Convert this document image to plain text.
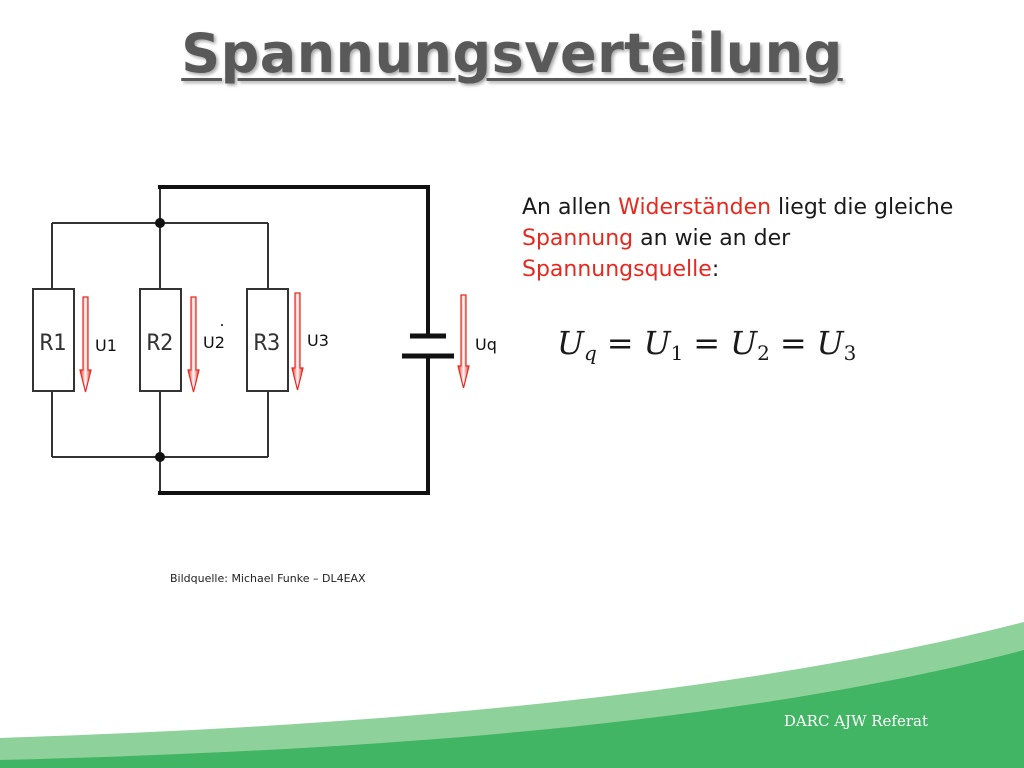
Spannungsverteilung
R1	R2	R3
U1	U2	U3	Uq
An allen Widerständen liegt die gleiche Spannung an wie an der Spannungsquelle:
$U_q = U_1 = U_2 = U_3$
Bildquelle: Michael Funke – DL4EAX
DARC AJW Referat
